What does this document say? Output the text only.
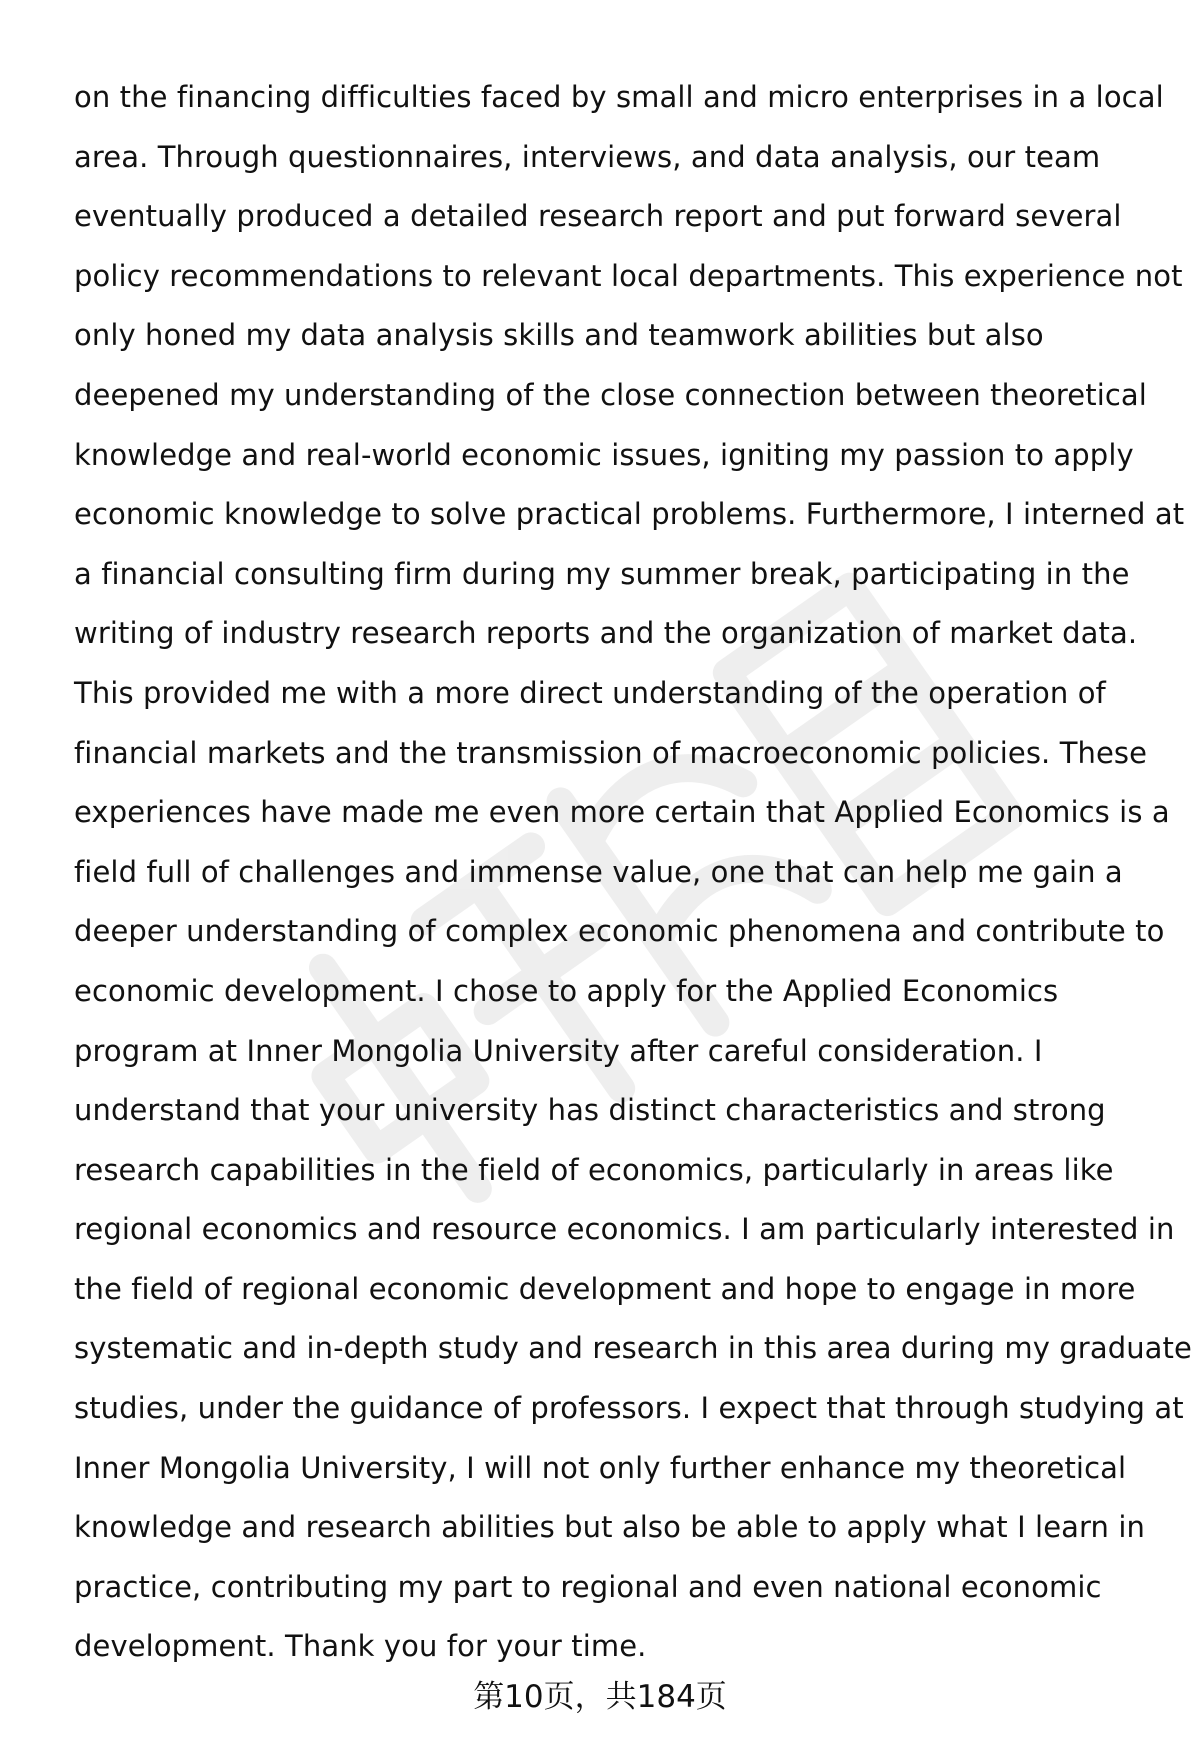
on the financing difficulties faced by small and micro enterprises in a local
area. Through questionnaires, interviews, and data analysis, our team
eventually produced a detailed research report and put forward several
policy recommendations to relevant local departments. This experience not
only honed my data analysis skills and teamwork abilities but also
deepened my understanding of the close connection between theoretical
knowledge and real-world economic issues, igniting my passion to apply
economic knowledge to solve practical problems. Furthermore, I interned at
a financial consulting firm during my summer break, participating in the
writing of industry research reports and the organization of market data.
This provided me with a more direct understanding of the operation of
financial markets and the transmission of macroeconomic policies. These
experiences have made me even more certain that Applied Economics is a
field full of challenges and immense value, one that can help me gain a
deeper understanding of complex economic phenomena and contribute to
economic development. I chose to apply for the Applied Economics
program at Inner Mongolia University after careful consideration. I
understand that your university has distinct characteristics and strong
research capabilities in the field of economics, particularly in areas like
regional economics and resource economics. I am particularly interested in
the field of regional economic development and hope to engage in more
systematic and in-depth study and research in this area during my graduate
studies, under the guidance of professors. I expect that through studying at
Inner Mongolia University, I will not only further enhance my theoretical
knowledge and research abilities but also be able to apply what I learn in
practice, contributing my part to regional and even national economic
development. Thank you for your time.
第10页，共184页
